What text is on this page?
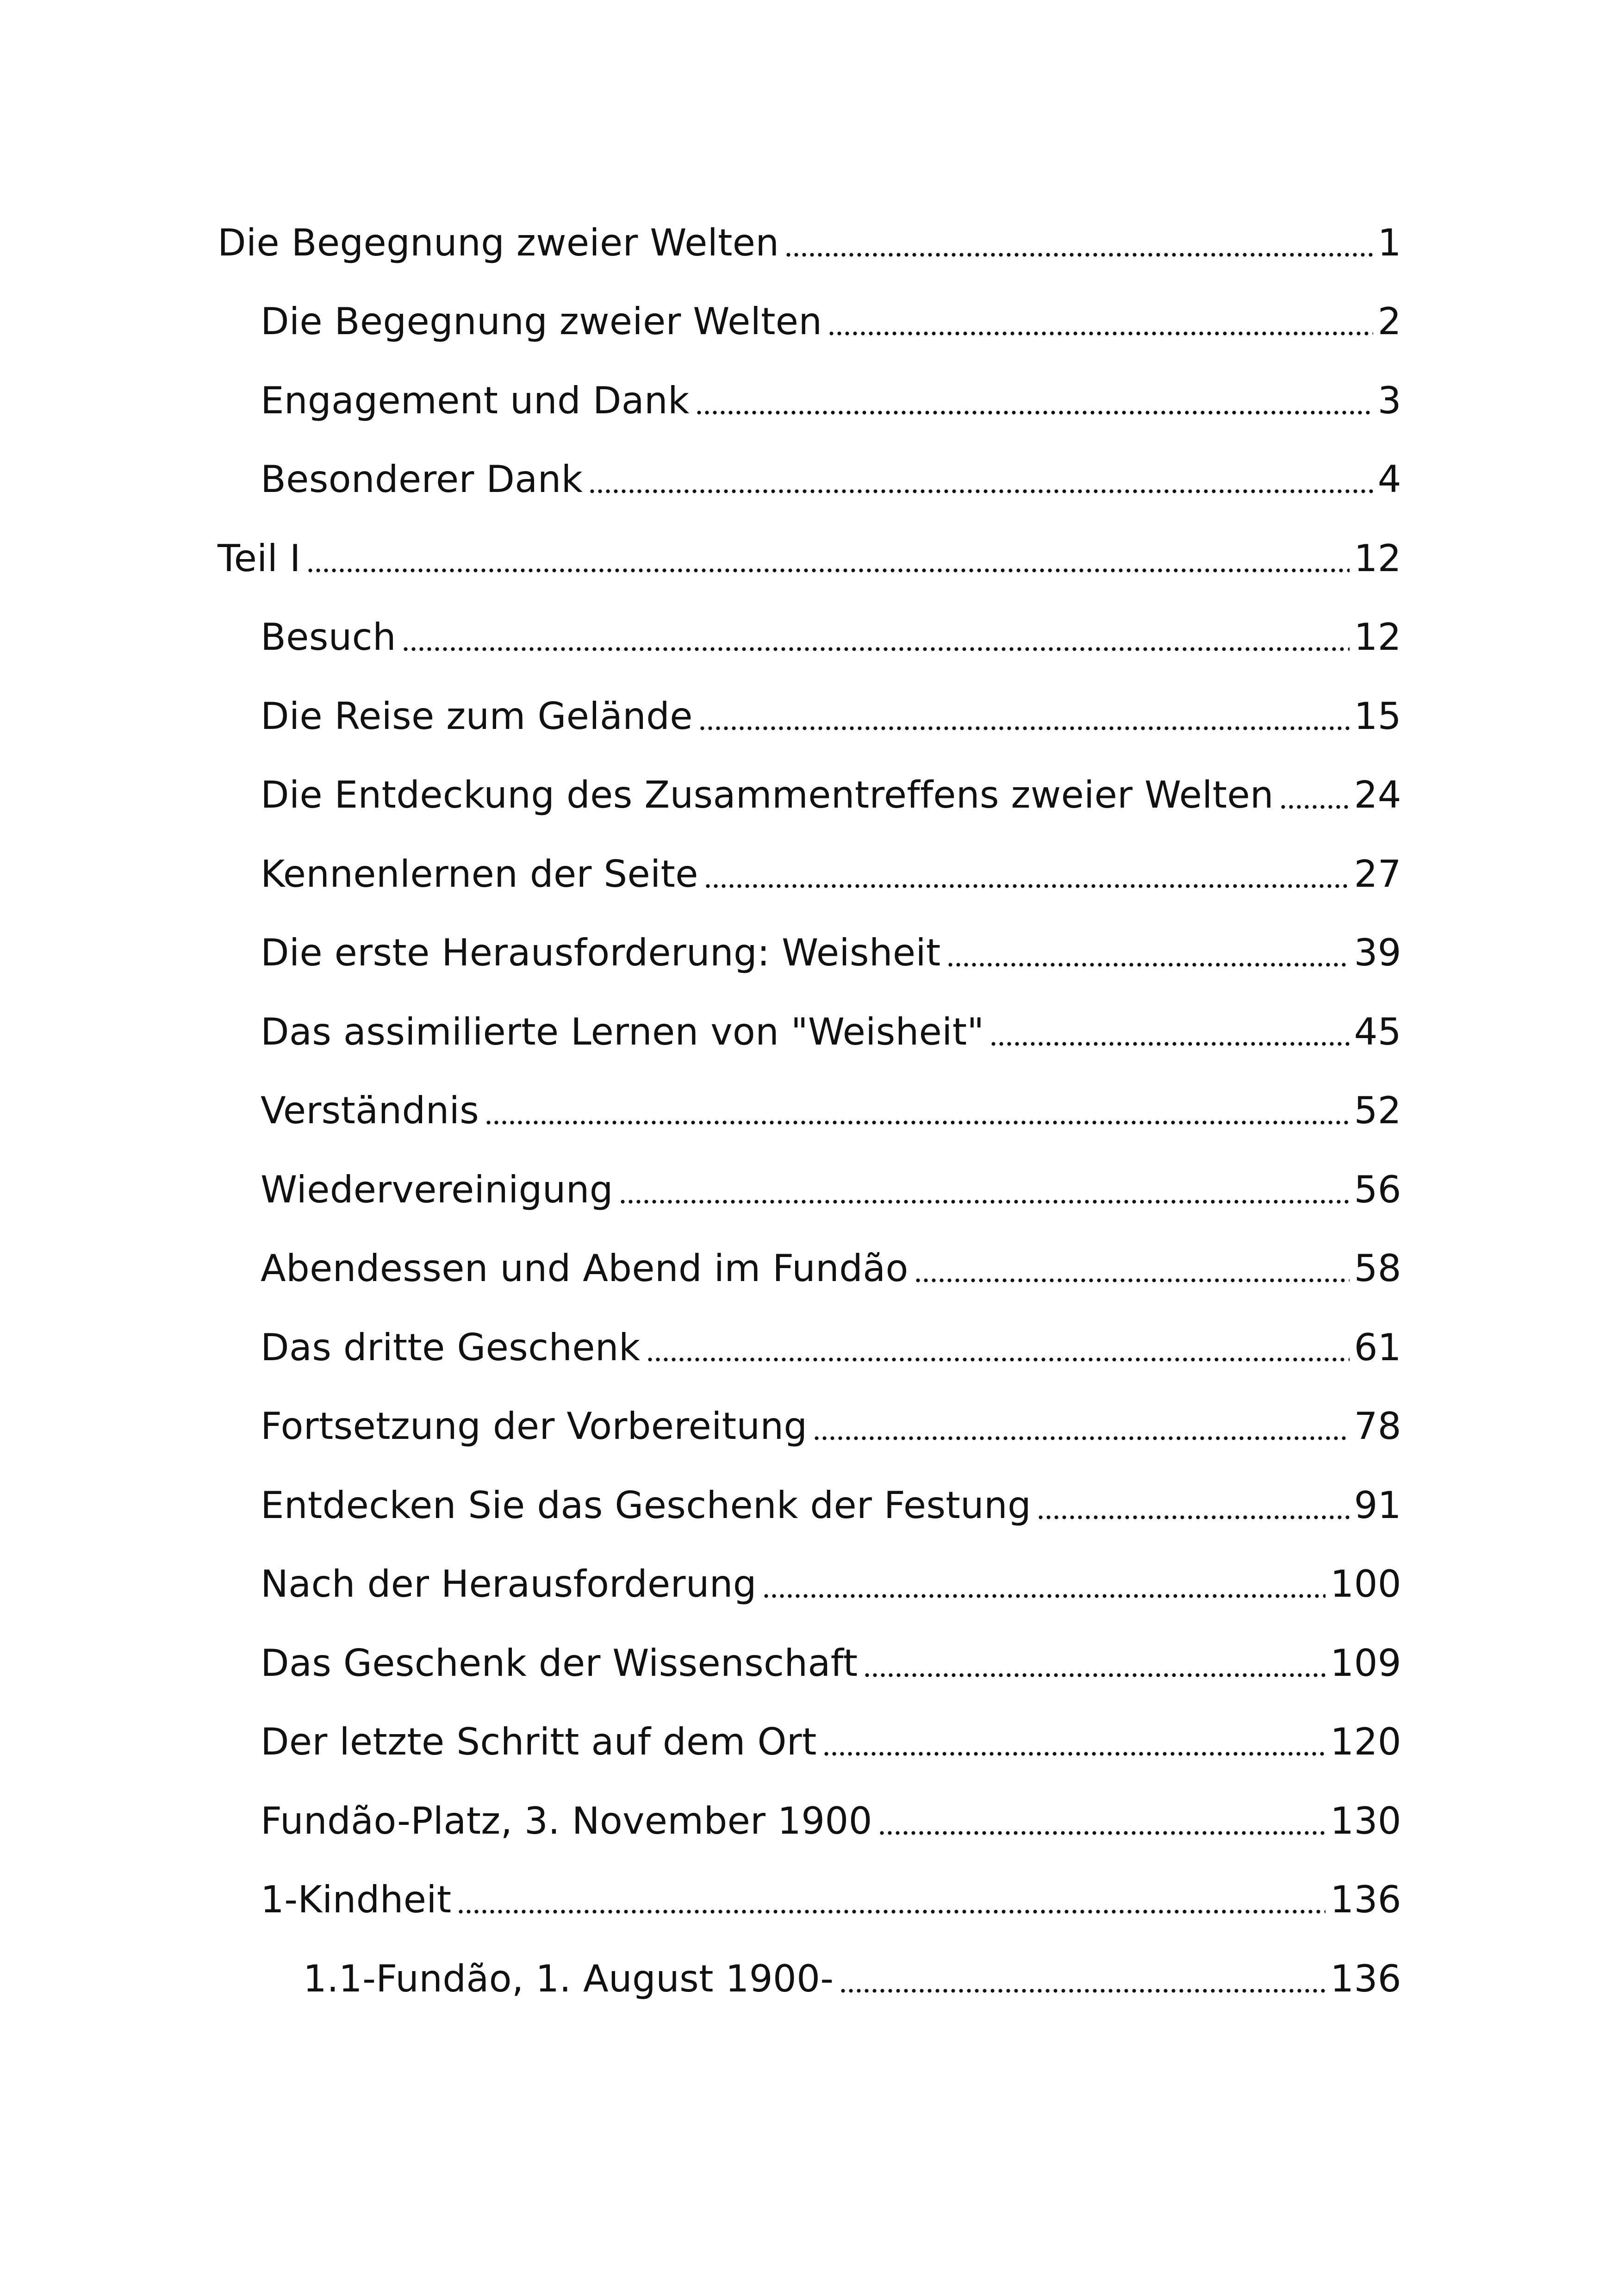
Die Begegnung zweier Welten	1
Die Begegnung zweier Welten	2
Engagement und Dank	3
Besonderer Dank	4
Teil I	12
Besuch	12
Die Reise zum Gelände	15
Die Entdeckung des Zusammentreffens zweier Welten 24
Kennenlernen der Seite	27
Die erste Herausforderung: Weisheit	39
Das assimilierte Lernen von "Weisheit"	45
Verständnis	52
Wiedervereinigung	56
Abendessen und Abend im Fundão	58
Das dritte Geschenk	61
Fortsetzung der Vorbereitung	78
Entdecken Sie das Geschenk der Festung	91
Nach der Herausforderung	100
Das Geschenk der Wissenschaft	109
Der letzte Schritt auf dem Ort	120
Fundão-Platz, 3. November 1900	130
1-Kindheit	136
1.1-Fundão, 1. August 1900-	136
